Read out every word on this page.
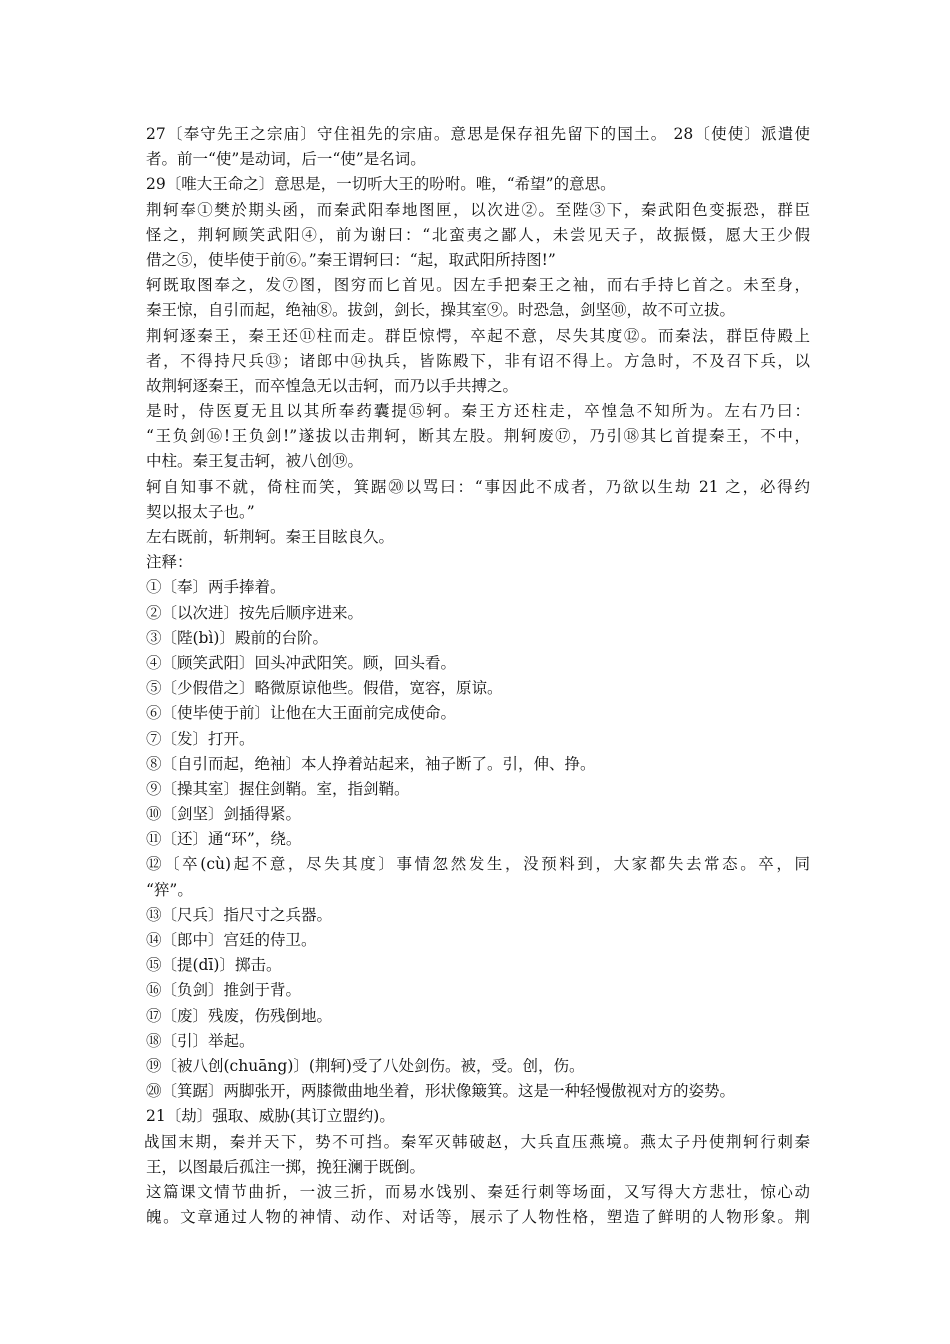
27〔奉守先王之宗庙〕守住祖先的宗庙。意思是保存祖先留下的国土。 28〔使使〕派遣使
者。前一“使”是动词，后一“使”是名词。
29〔唯大王命之〕意思是，一切听大王的吩咐。唯，“希望”的意思。
荆轲奉①樊於期头函，而秦武阳奉地图匣，以次进②。至陛③下，秦武阳色变振恐，群臣
怪之，荆轲顾笑武阳④，前为谢曰：“北蛮夷之鄙人，未尝见天子，故振慑，愿大王少假
借之⑤，使毕使于前⑥。”秦王谓轲曰：“起，取武阳所持图!”
轲既取图奉之，发⑦图，图穷而匕首见。因左手把秦王之袖，而右手持匕首之。未至身，
秦王惊，自引而起，绝袖⑧。拔剑，剑长，操其室⑨。时恐急，剑坚⑩，故不可立拔。
荆轲逐秦王，秦王还⑪柱而走。群臣惊愕，卒起不意，尽失其度⑫。而秦法，群臣侍殿上
者，不得持尺兵⑬；诸郎中⑭执兵，皆陈殿下，非有诏不得上。方急时，不及召下兵，以
故荆轲逐秦王，而卒惶急无以击轲，而乃以手共搏之。
是时，侍医夏无且以其所奉药囊提⑮轲。秦王方还柱走，卒惶急不知所为。左右乃曰：
“王负剑⑯!王负剑!”遂拔以击荆轲，断其左股。荆轲废⑰，乃引⑱其匕首提秦王，不中，
中柱。秦王复击轲，被八创⑲。
轲自知事不就，倚柱而笑，箕踞⑳以骂曰：“事因此不成者，乃欲以生劫 21 之，必得约
契以报太子也。”
左右既前，斩荆轲。秦王目眩良久。
注释：
①〔奉〕两手捧着。
②〔以次进〕按先后顺序进来。
③〔陛(bì)〕殿前的台阶。
④〔顾笑武阳〕回头冲武阳笑。顾，回头看。
⑤〔少假借之〕略微原谅他些。假借，宽容，原谅。
⑥〔使毕使于前〕让他在大王面前完成使命。
⑦〔发〕打开。
⑧〔自引而起，绝袖〕本人挣着站起来，袖子断了。引，伸、挣。
⑨〔操其室〕握住剑鞘。室，指剑鞘。
⑩〔剑坚〕剑插得紧。
⑪〔还〕通“环”，绕。
⑫〔卒(cù)起不意，尽失其度〕事情忽然发生，没预料到，大家都失去常态。卒，同
“猝”。
⑬〔尺兵〕指尺寸之兵器。
⑭〔郎中〕宫廷的侍卫。
⑮〔提(dī)〕掷击。
⑯〔负剑〕推剑于背。
⑰〔废〕残废，伤残倒地。
⑱〔引〕举起。
⑲〔被八创(chuāng)〕(荆轲)受了八处剑伤。被，受。创，伤。
⑳〔箕踞〕两脚张开，两膝微曲地坐着，形状像簸箕。这是一种轻慢傲视对方的姿势。
21〔劫〕强取、威胁(其订立盟约)。
战国末期，秦并天下，势不可挡。秦军灭韩破赵，大兵直压燕境。燕太子丹使荆轲行刺秦
王，以图最后孤注一掷，挽狂澜于既倒。
这篇课文情节曲折，一波三折，而易水饯别、秦廷行刺等场面，又写得大方悲壮，惊心动
魄。文章通过人物的神情、动作、对话等，展示了人物性格，塑造了鲜明的人物形象。荆
